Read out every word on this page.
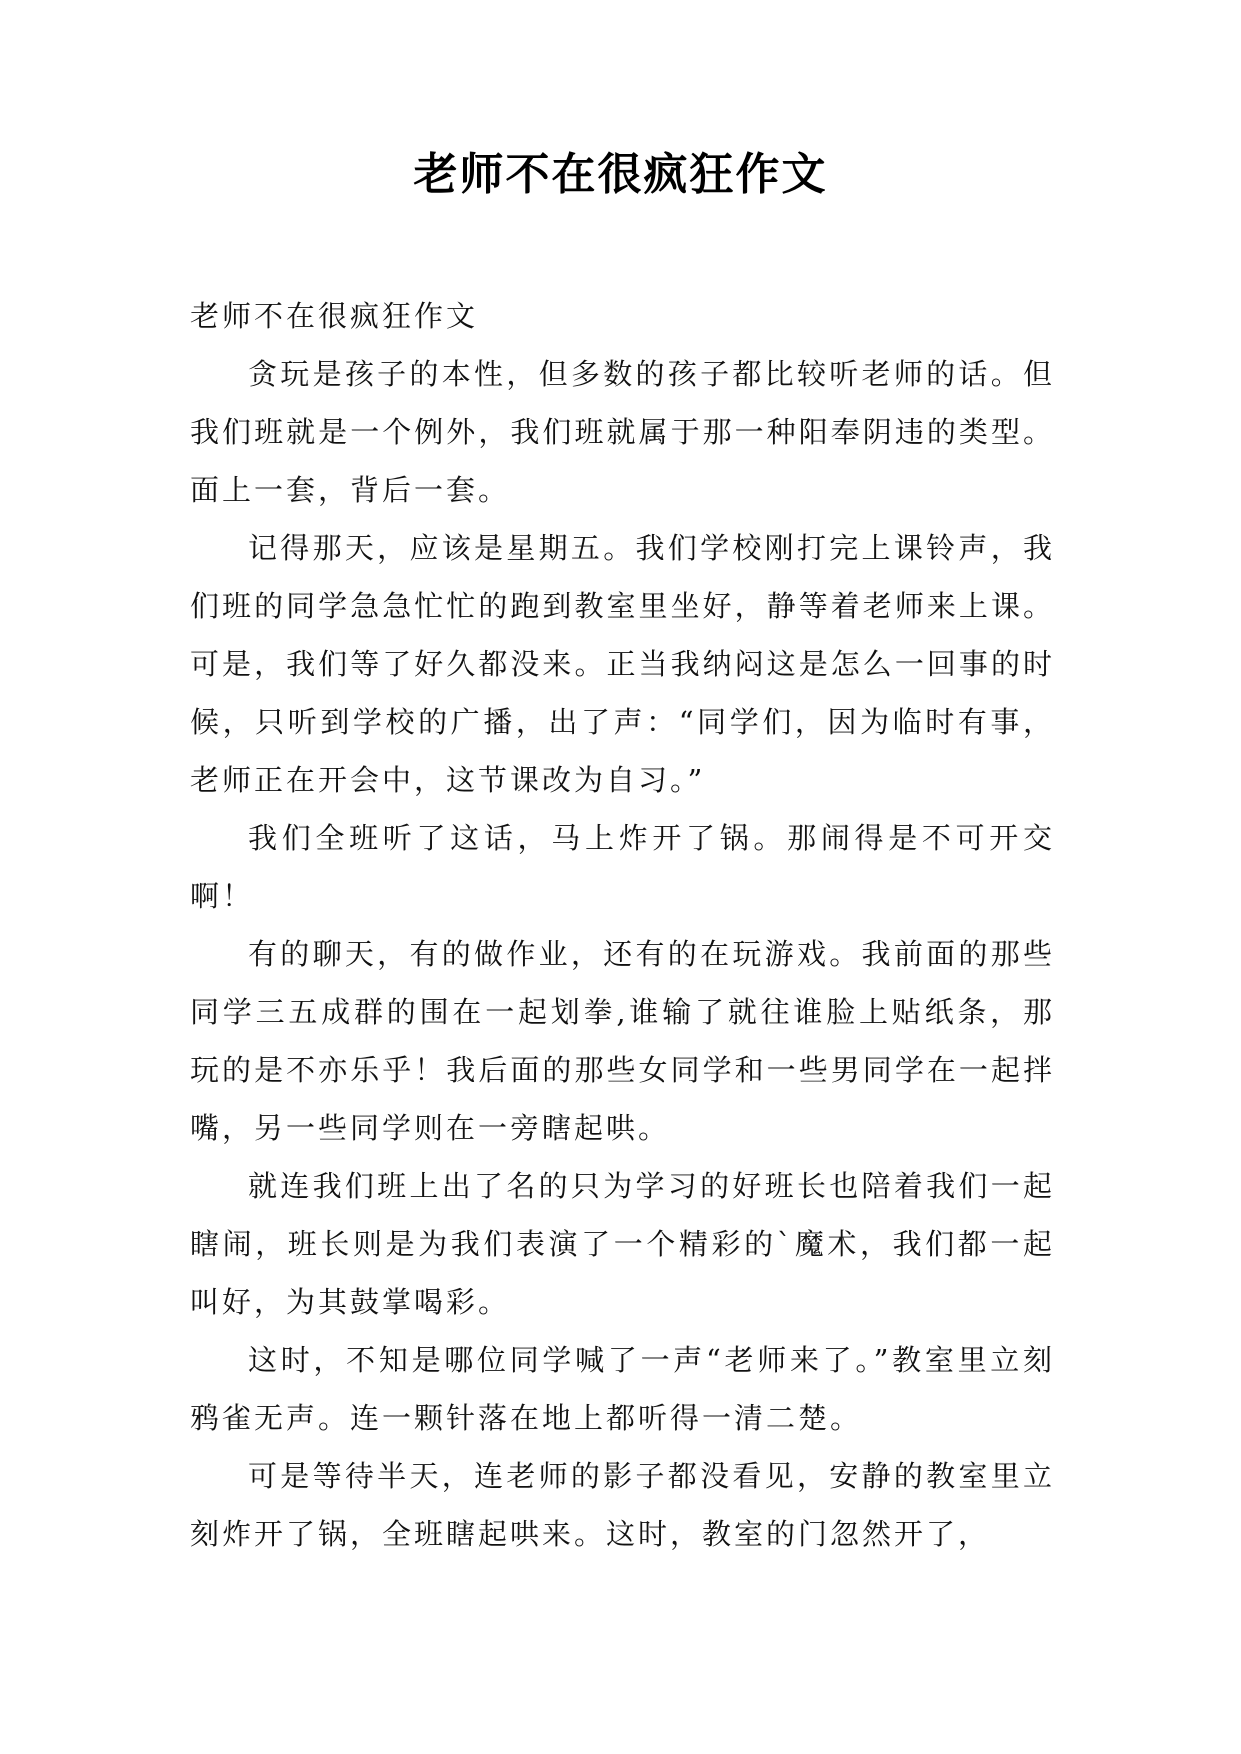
老师不在很疯狂作文

老师不在很疯狂作文

贪玩是孩子的本性，但多数的孩子都比较听老师的话。但我们班就是一个例外，我们班就属于那一种阳奉阴违的类型。面上一套，背后一套。

记得那天，应该是星期五。我们学校刚打完上课铃声，我们班的同学急急忙忙的跑到教室里坐好，静等着老师来上课。可是，我们等了好久都没来。正当我纳闷这是怎么一回事的时候，只听到学校的广播，出了声：“同学们，因为临时有事，老师正在开会中，这节课改为自习。”

我们全班听了这话，马上炸开了锅。那闹得是不可开交啊！

有的聊天，有的做作业，还有的在玩游戏。我前面的那些同学三五成群的围在一起划拳,谁输了就往谁脸上贴纸条，那玩的是不亦乐乎！我后面的那些女同学和一些男同学在一起拌嘴，另一些同学则在一旁瞎起哄。

就连我们班上出了名的只为学习的好班长也陪着我们一起瞎闹，班长则是为我们表演了一个精彩的`魔术，我们都一起叫好，为其鼓掌喝彩。

这时，不知是哪位同学喊了一声“老师来了。”教室里立刻鸦雀无声。连一颗针落在地上都听得一清二楚。

可是等待半天，连老师的影子都没看见，安静的教室里立刻炸开了锅，全班瞎起哄来。这时，教室的门忽然开了，
